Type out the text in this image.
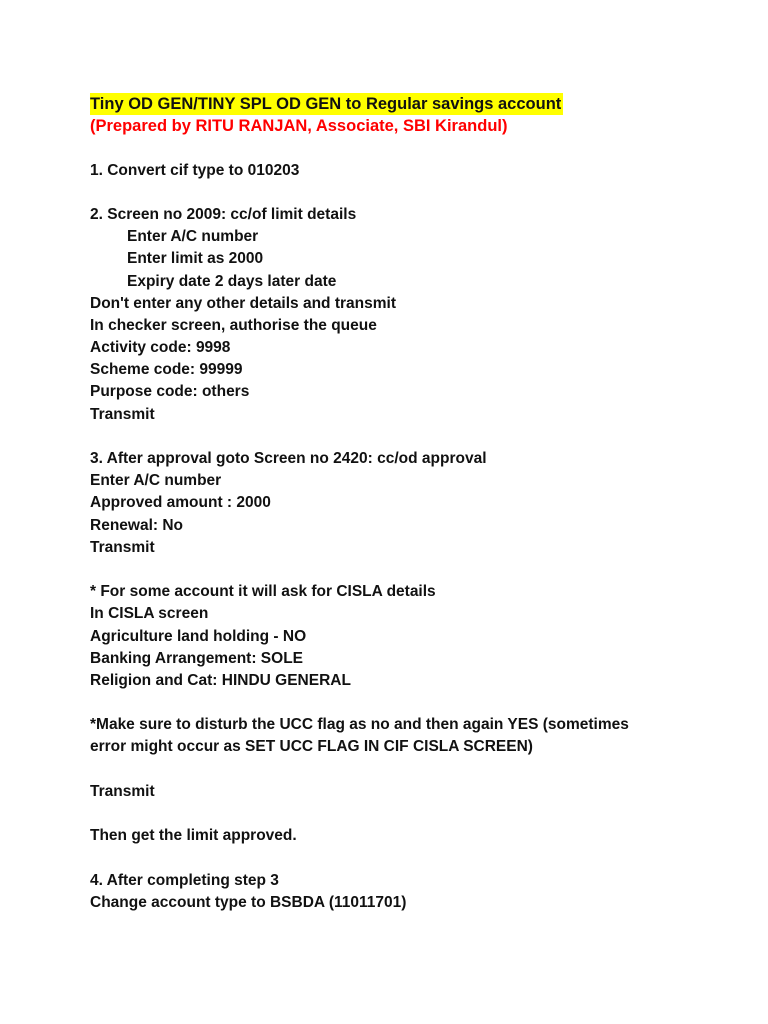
Tiny OD GEN/TINY SPL OD GEN to Regular savings account
(Prepared by RITU RANJAN, Associate, SBI Kirandul)
1. Convert cif type to 010203
2. Screen no 2009: cc/of limit details
Enter A/C number
Enter limit as 2000
Expiry date 2 days later date
Don't enter any other details and transmit
In checker screen, authorise the queue
Activity code: 9998
Scheme code: 99999
Purpose code: others
Transmit
3. After approval goto Screen no 2420: cc/od approval
Enter A/C number
Approved amount : 2000
Renewal: No
Transmit
* For some account it will ask for CISLA details
In CISLA screen
Agriculture land holding - NO
Banking Arrangement: SOLE
Religion and Cat: HINDU GENERAL
*Make sure to disturb the UCC flag as no and then again YES (sometimes
error might occur as SET UCC FLAG IN CIF CISLA SCREEN)
Transmit
Then get the limit approved.
4. After completing step 3
Change account type to BSBDA (11011701)
